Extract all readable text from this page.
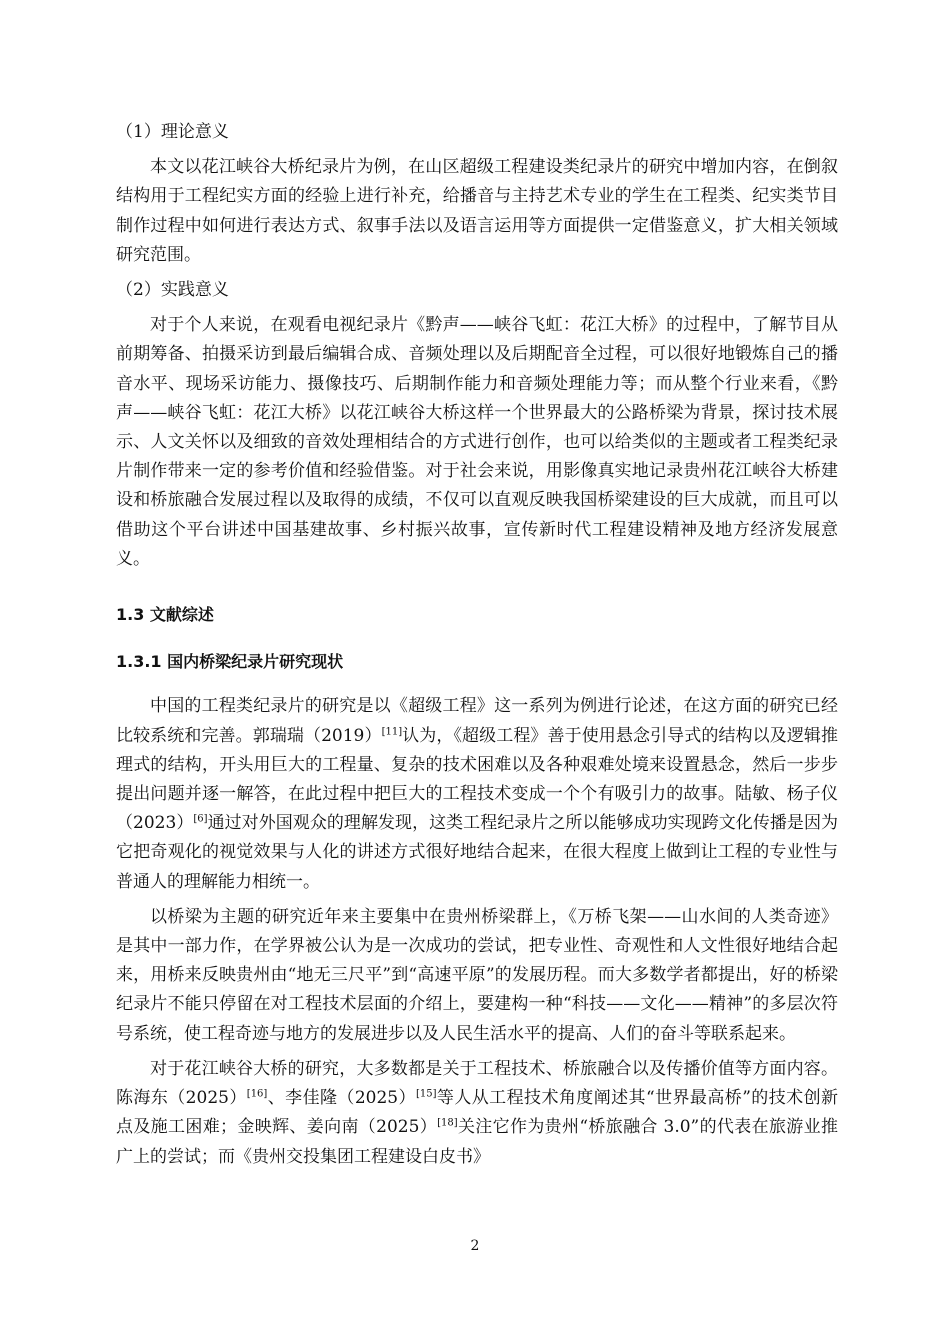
（1）理论意义

本文以花江峡谷大桥纪录片为例，在山区超级工程建设类纪录片的研究中增加内容，在倒叙结构用于工程纪实方面的经验上进行补充，给播音与主持艺术专业的学生在工程类、纪实类节目制作过程中如何进行表达方式、叙事手法以及语言运用等方面提供一定借鉴意义，扩大相关领域研究范围。

（2）实践意义

对于个人来说，在观看电视纪录片《黔声——峡谷飞虹：花江大桥》的过程中，了解节目从前期筹备、拍摄采访到最后编辑合成、音频处理以及后期配音全过程，可以很好地锻炼自己的播音水平、现场采访能力、摄像技巧、后期制作能力和音频处理能力等；而从整个行业来看，《黔声——峡谷飞虹：花江大桥》以花江峡谷大桥这样一个世界最大的公路桥梁为背景，探讨技术展示、人文关怀以及细致的音效处理相结合的方式进行创作，也可以给类似的主题或者工程类纪录片制作带来一定的参考价值和经验借鉴。对于社会来说，用影像真实地记录贵州花江峡谷大桥建设和桥旅融合发展过程以及取得的成绩，不仅可以直观反映我国桥梁建设的巨大成就，而且可以借助这个平台讲述中国基建故事、乡村振兴故事，宣传新时代工程建设精神及地方经济发展意义。

1.3 文献综述
1.3.1 国内桥梁纪录片研究现状

中国的工程类纪录片的研究是以《超级工程》这一系列为例进行论述，在这方面的研究已经比较系统和完善。郭瑞瑞（2019）[11]认为，《超级工程》善于使用悬念引导式的结构以及逻辑推理式的结构，开头用巨大的工程量、复杂的技术困难以及各种艰难处境来设置悬念，然后一步步提出问题并逐一解答，在此过程中把巨大的工程技术变成一个个有吸引力的故事。陆敏、杨子仪（2023）[6]通过对外国观众的理解发现，这类工程纪录片之所以能够成功实现跨文化传播是因为它把奇观化的视觉效果与人化的讲述方式很好地结合起来，在很大程度上做到让工程的专业性与普通人的理解能力相统一。

以桥梁为主题的研究近年来主要集中在贵州桥梁群上，《万桥飞架——山水间的人类奇迹》是其中一部力作，在学界被公认为是一次成功的尝试，把专业性、奇观性和人文性很好地结合起来，用桥来反映贵州由“地无三尺平”到“高速平原”的发展历程。而大多数学者都提出，好的桥梁纪录片不能只停留在对工程技术层面的介绍上，要建构一种“科技——文化——精神”的多层次符号系统，使工程奇迹与地方的发展进步以及人民生活水平的提高、人们的奋斗等联系起来。

对于花江峡谷大桥的研究，大多数都是关于工程技术、桥旅融合以及传播价值等方面内容。陈海东（2025）[16]、李佳隆（2025）[15]等人从工程技术角度阐述其“世界最高桥”的技术创新点及施工困难；金映辉、姜向南（2025）[18]关注它作为贵州“桥旅融合 3.0”的代表在旅游业推广上的尝试；而《贵州交投集团工程建设白皮书》

2
